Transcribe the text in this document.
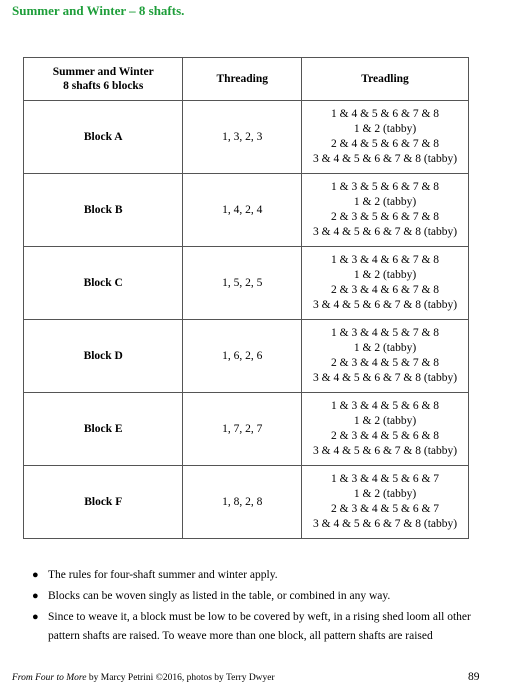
Summer and Winter – 8 shafts.
Summer and Winter
8 shafts 6 blocks	Threading	Treadling
Block A	1, 3, 2, 3	1 & 4 & 5 & 6 & 7 & 8
1 & 2 (tabby)
2 & 4 & 5 & 6 & 7 & 8
3 & 4 & 5 & 6 & 7 & 8 (tabby)

Block B	1, 4, 2, 4	1 & 3 & 5 & 6 & 7 & 8
1 & 2 (tabby)
2 & 3 & 5 & 6 & 7 & 8
3 & 4 & 5 & 6 & 7 & 8 (tabby)

Block C	1, 5, 2, 5	1 & 3 & 4 & 6 & 7 & 8
1 & 2 (tabby)
2 & 3 & 4 & 6 & 7 & 8
3 & 4 & 5 & 6 & 7 & 8 (tabby)

Block D	1, 6, 2, 6	1 & 3 & 4 & 5 & 7 & 8
1 & 2 (tabby)
2 & 3 & 4 & 5 & 7 & 8
3 & 4 & 5 & 6 & 7 & 8 (tabby)

Block E	1, 7, 2, 7	1 & 3 & 4 & 5 & 6 & 8
1 & 2 (tabby)
2 & 3 & 4 & 5 & 6 & 8
3 & 4 & 5 & 6 & 7 & 8 (tabby)

Block F	1, 8, 2, 8	1 & 3 & 4 & 5 & 6 & 7
1 & 2 (tabby)
2 & 3 & 4 & 5 & 6 & 7
3 & 4 & 5 & 6 & 7 & 8 (tabby)
● The rules for four-shaft summer and winter apply.
● Blocks can be woven singly as listed in the table, or combined in any way.
● Since to weave it, a block must be low to be covered by weft, in a rising shed loom all other pattern shafts are raised. To weave more than one block, all pattern shafts are raised
From Four to More by Marcy Petrini ©2016, photos by Terry Dwyer	89
